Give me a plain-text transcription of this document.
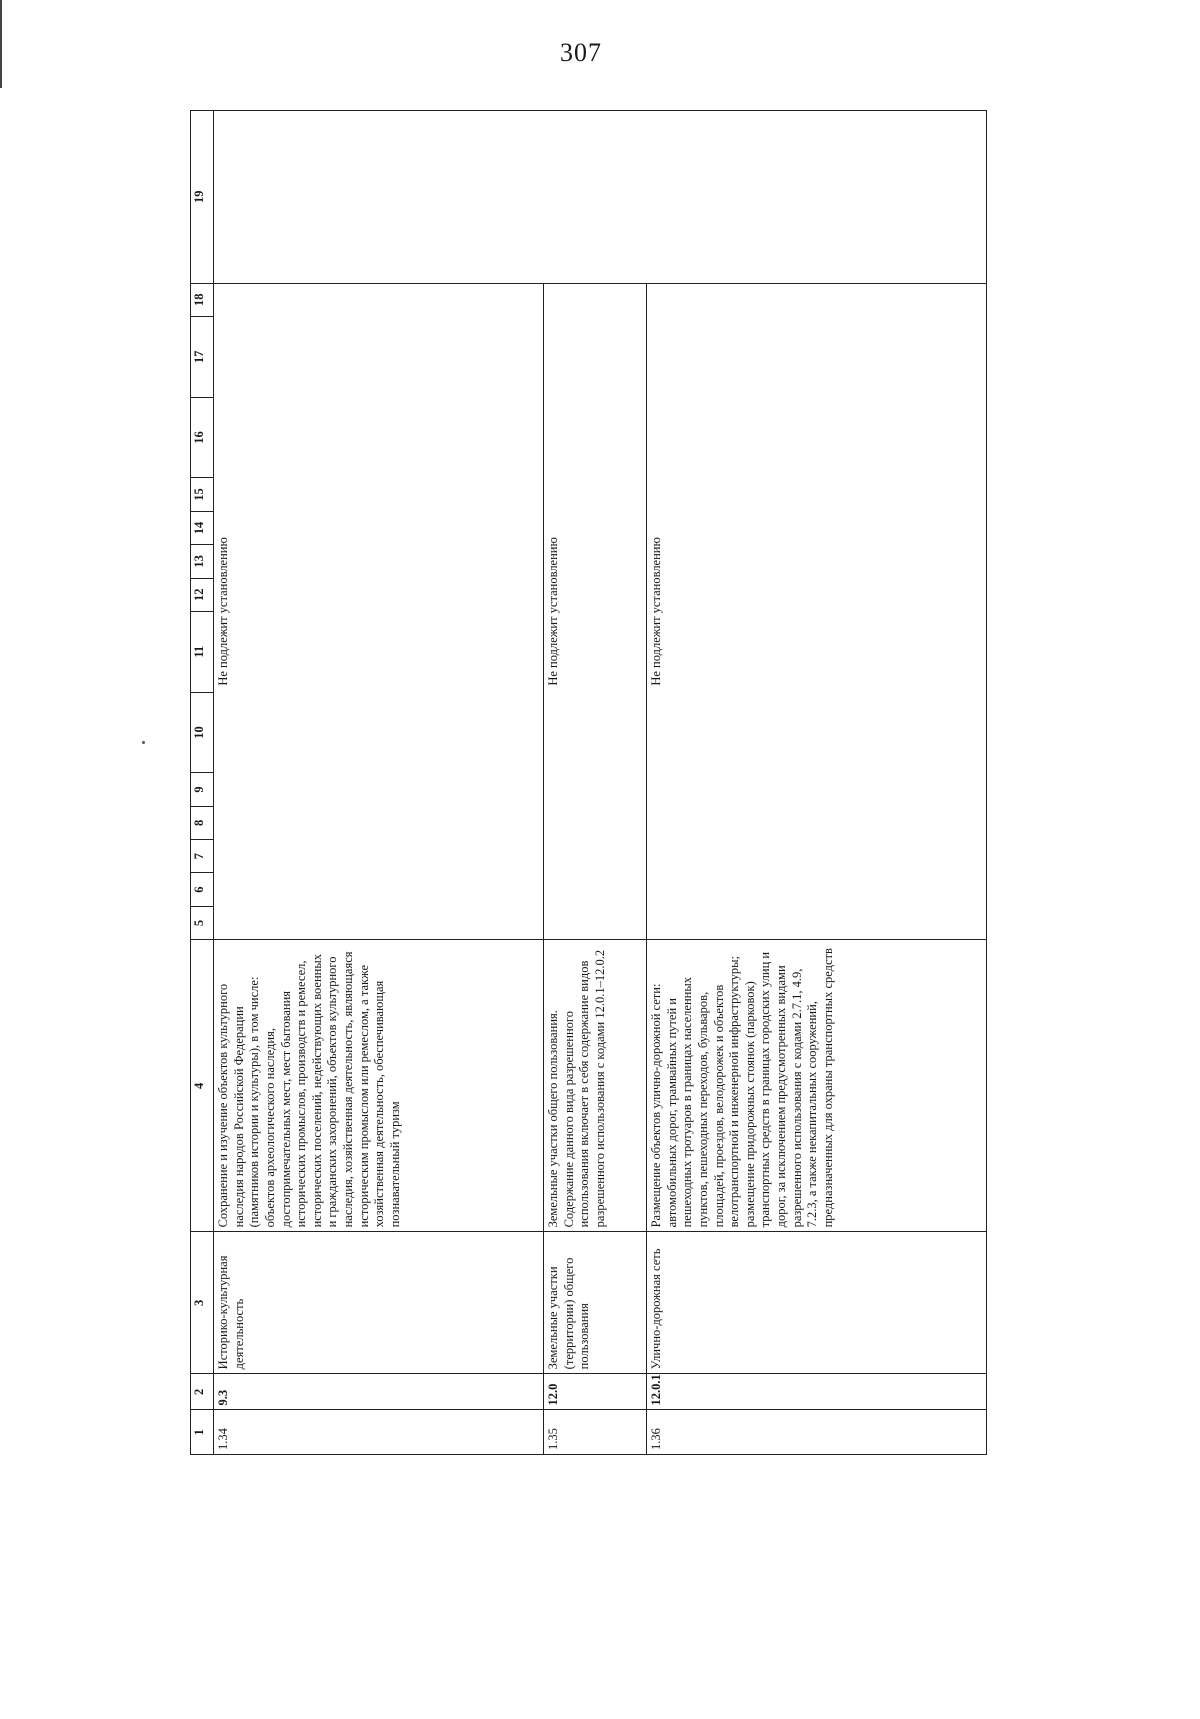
307
1	2	3	4	5	6	7	8	9	10	11	12	13	14	15	16	17	18	19
1.34	9.3	Историко-культурная деятельность	Сохранение и изучение объектов культурного наследия народов Российской Федерации (памятников истории и культуры), в том числе: объектов археологического наследия, достопримечательных мест, мест бытования исторических промыслов, производств и ремесел, исторических поселений, недействующих военных и гражданских захоронений, объектов культурного наследия, хозяйственная деятельность, являющаяся историческим промыслом или ремеслом, а также хозяйственная деятельность, обеспечивающая познавательный туризм	Не подлежит установлению														
1.35	12.0	Земельные участки (территории) общего пользования	Земельные участки общего пользования. Содержание данного вида разрешенного использования включает в себя содержание видов разрешенного использования с кодами 12.0.1–12.0.2	Не подлежит установлению														
1.36	12.0.1	Улично-дорожная сеть	Размещение объектов улично-дорожной сети: автомобильных дорог, трамвайных путей и пешеходных тротуаров в границах населенных пунктов, пешеходных переходов, бульваров, площадей, проездов, велодорожек и объектов велотранспортной и инженерной инфраструктуры; размещение придорожных стоянок (парковок) транспортных средств в границах городских улиц и дорог, за исключением предусмотренных видами разрешенного использования с кодами 2.7.1, 4.9, 7.2.3, а также некапитальных сооружений, предназначенных для охраны транспортных средств	Не подлежит установлению														
